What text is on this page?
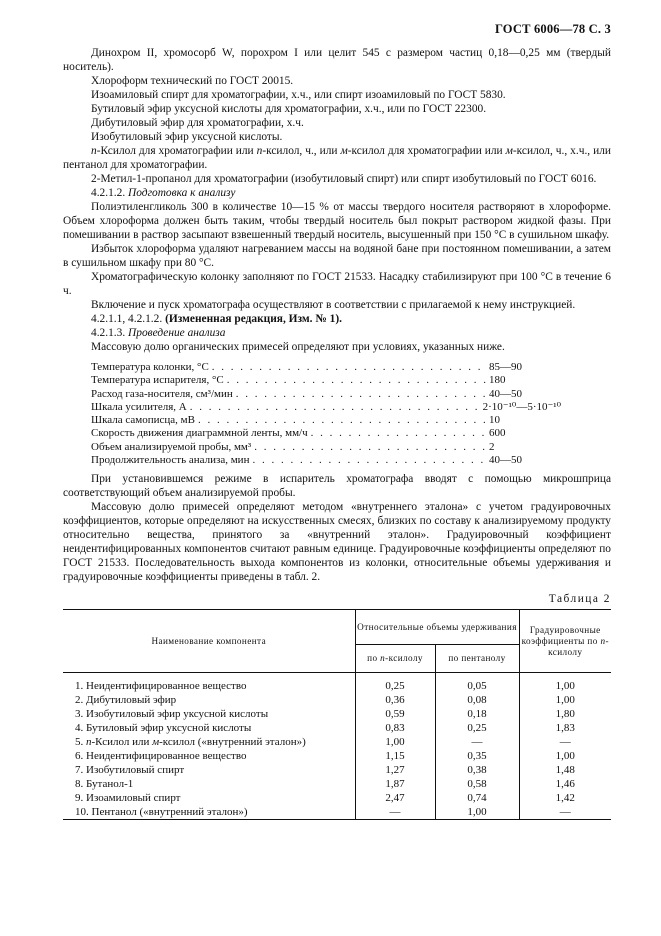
ГОСТ 6006—78 С. 3

Динохром II, хромосорб W, порохром I или целит 545 с размером частиц 0,18—0,25 мм (твердый носитель).

Хлороформ технический по ГОСТ 20015.

Изоамиловый спирт для хроматографии, х.ч., или спирт изоамиловый по ГОСТ 5830.

Бутиловый эфир уксусной кислоты для хроматографии, х.ч., или по ГОСТ 22300.

Дибутиловый эфир для хроматографии, х.ч.

Изобутиловый эфир уксусной кислоты.

п-Ксилол для хроматографии или п-ксилол, ч., или м-ксилол для хроматографии или м-ксилол, ч., х.ч., или пентанол для хроматографии.

2-Метил-1-пропанол для хроматографии (изобутиловый спирт) или спирт изобутиловый по ГОСТ 6016.

4.2.1.2. Подготовка к анализу

Полиэтиленгликоль 300 в количестве 10—15 % от массы твердого носителя растворяют в хлороформе. Объем хлороформа должен быть таким, чтобы твердый носитель был покрыт раствором жидкой фазы. При помешивании в раствор засыпают взвешенный твердый носитель, высушенный при 150 °С в сушильном шкафу.

Избыток хлороформа удаляют нагреванием массы на водяной бане при постоянном помешивании, а затем в сушильном шкафу при 80 °С.

Хроматографическую колонку заполняют по ГОСТ 21533. Насадку стабилизируют при 100 °С в течение 6 ч.

Включение и пуск хроматографа осуществляют в соответствии с прилагаемой к нему инструкцией.

4.2.1.1, 4.2.1.2. (Измененная редакция, Изм. № 1).

4.2.1.3. Проведение анализа

Массовую долю органических примесей определяют при условиях, указанных ниже.

Температура колонки, °С . . .	85—90
Температура испарителя, °С . . .	180
Расход газа-носителя, см³/мин . . .	40—50
Шкала усилителя, А . . .	2·10⁻¹⁰—5·10⁻¹⁰
Шкала самописца, мВ . . .	10
Скорость движения диаграммной ленты, мм/ч . . .	600
Объем анализируемой пробы, мм³ . . .	2
Продолжительность анализа, мин . . .	40—50

При установившемся режиме в испаритель хроматографа вводят с помощью микрошприца соответствующий объем анализируемой пробы.

Массовую долю примесей определяют методом «внутреннего эталона» с учетом градуировочных коэффициентов, которые определяют на искусственных смесях, близких по составу к анализируемому продукту относительно вещества, принятого за «внутренний эталон». Градуировочный коэффициент неидентифицированных компонентов считают равным единице. Градуировочные коэффициенты определяют по ГОСТ 21533. Последовательность выхода компонентов из колонки, относительные объемы удерживания и градуировочные коэффициенты приведены в табл. 2.

Таблица 2
Наименование компонента	Относительные объемы удерживания		Градуировочные коэффициенты по п-ксилолу
	по п-ксилолу	по пентанолу	

1. Неидентифицированное вещество	0,25	0,05	1,00
2. Дибутиловый эфир	0,36	0,08	1,00
3. Изобутиловый эфир уксусной кислоты	0,59	0,18	1,80
4. Бутиловый эфир уксусной кислоты	0,83	0,25	1,83
5. п-Ксилол или м-ксилол («внутренний эталон»)	1,00	—	—
6. Неидентифицированное вещество	1,15	0,35	1,00
7. Изобутиловый спирт	1,27	0,38	1,48
8. Бутанол-1	1,87	0,58	1,46
9. Изоамиловый спирт	2,47	0,74	1,42
10. Пентанол («внутренний эталон»)	—	1,00	—
